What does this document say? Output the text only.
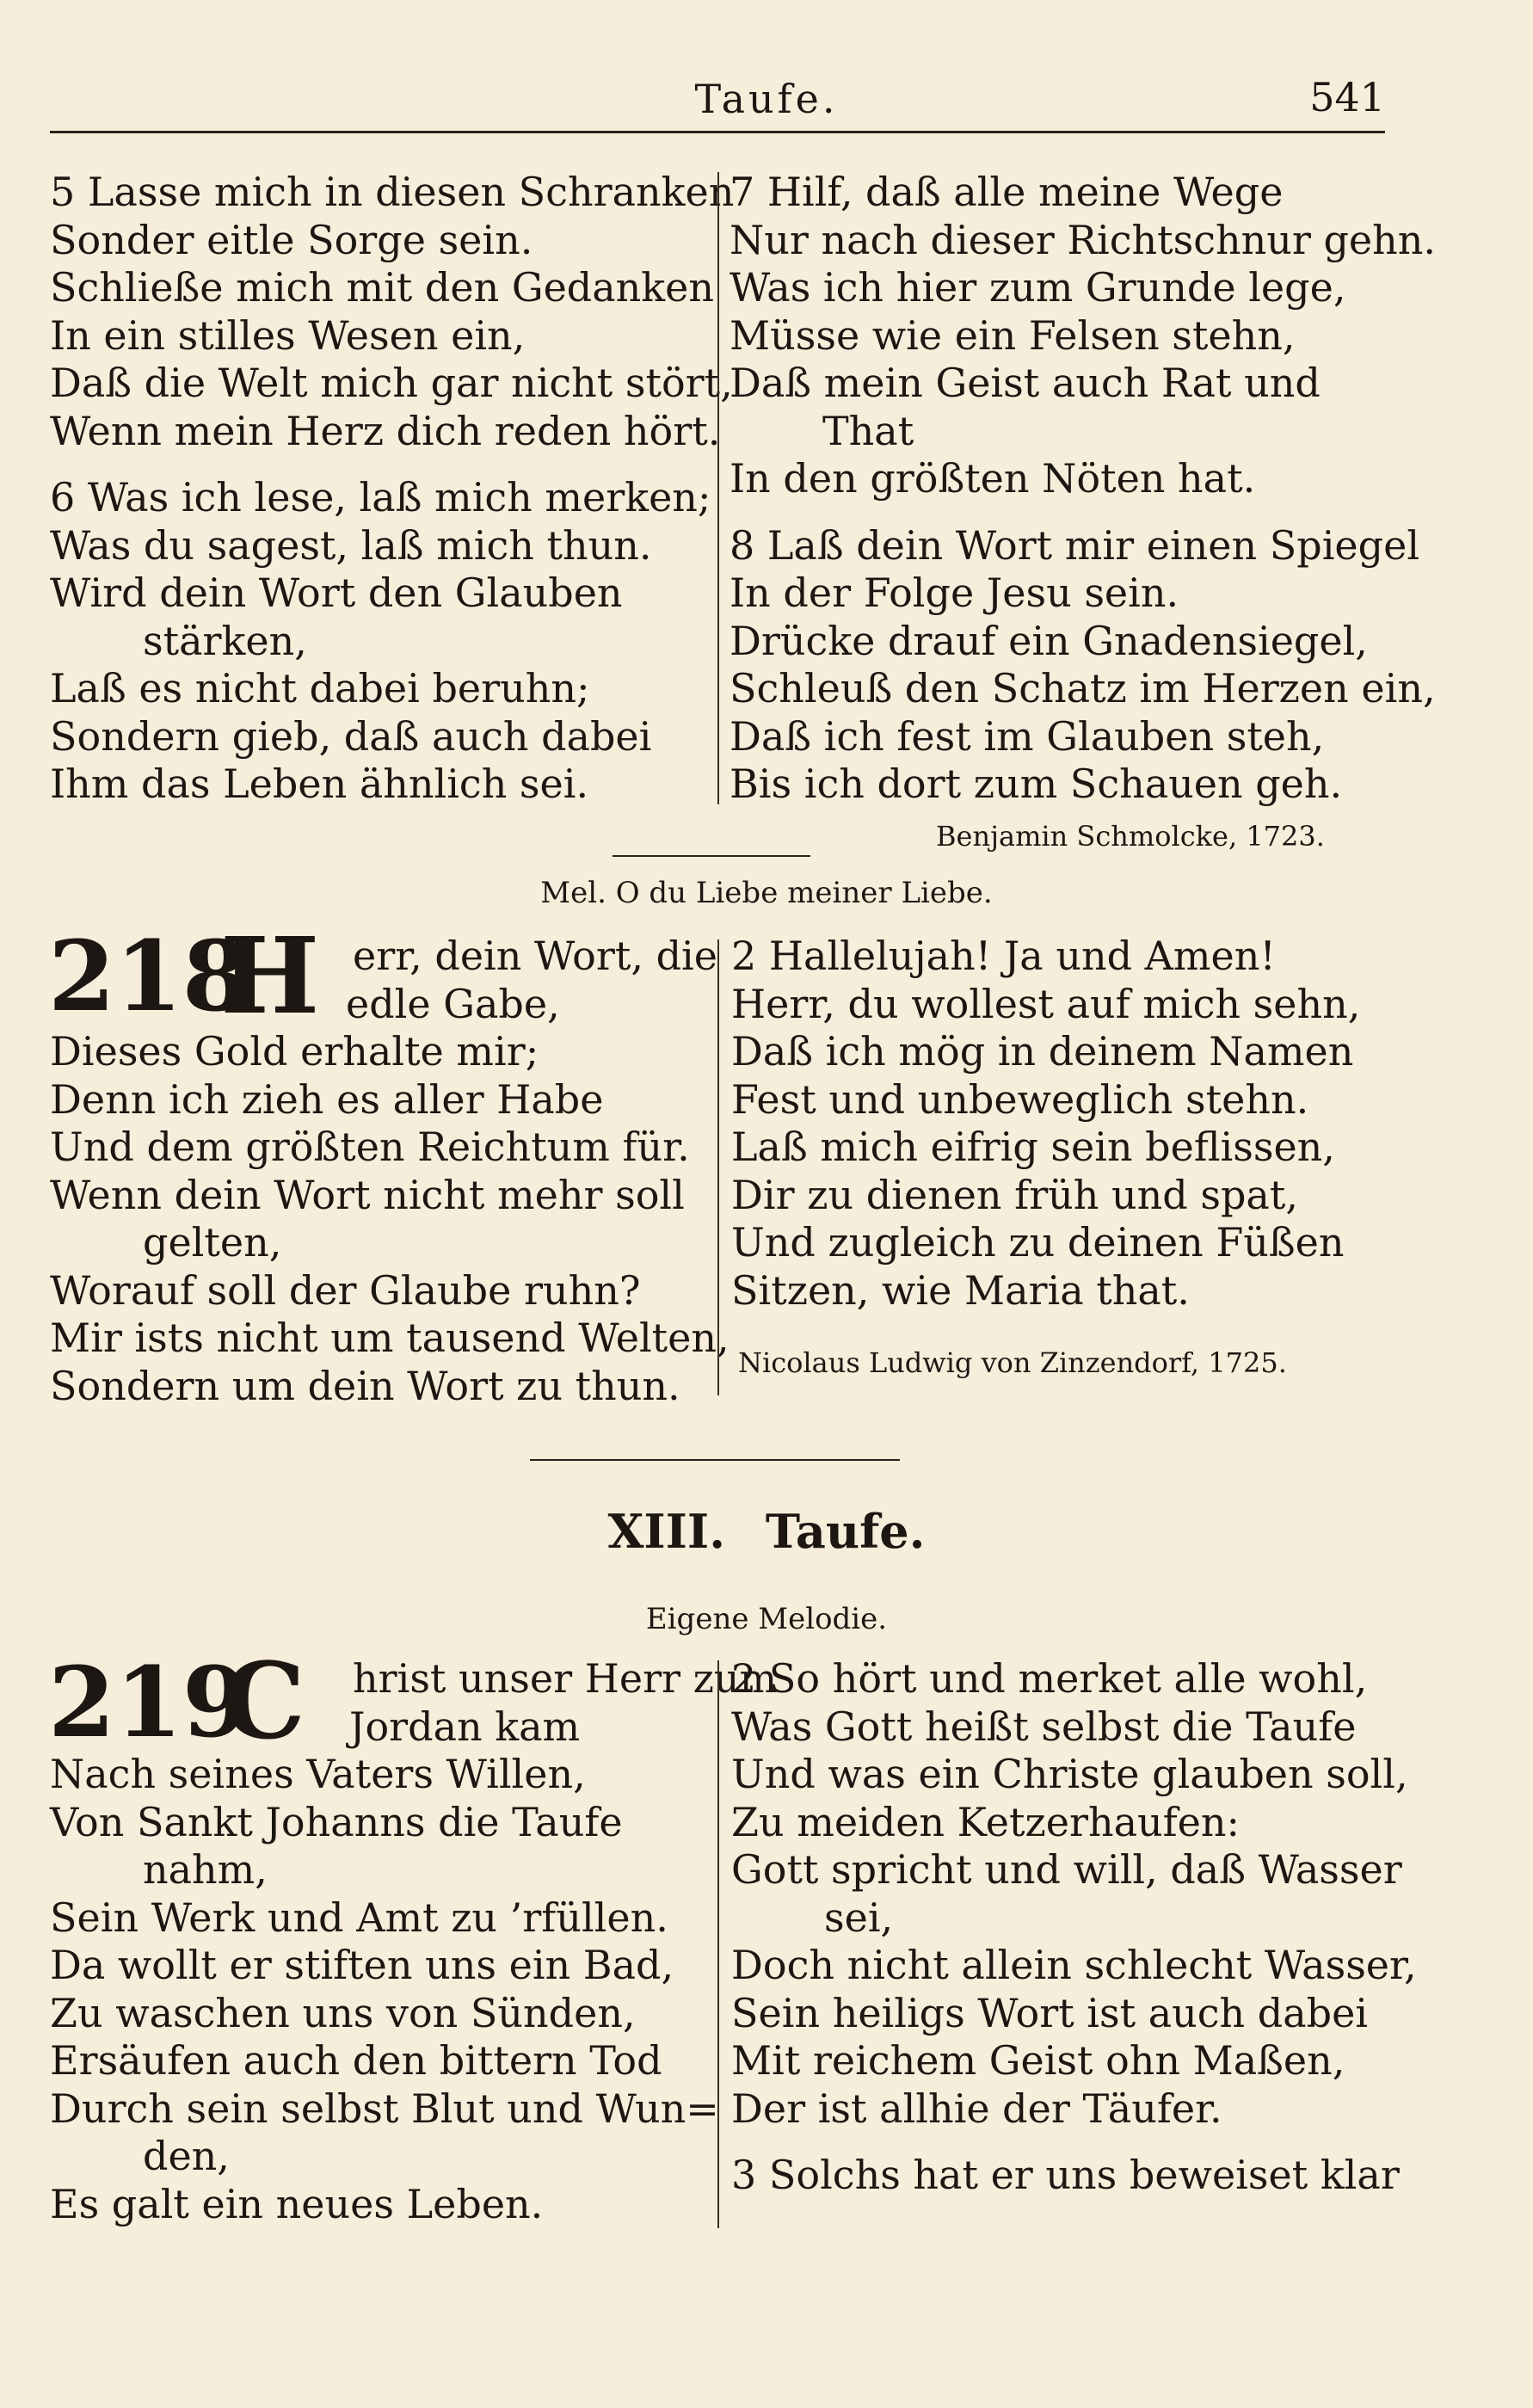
Taufe.	541
5 Lasse mich in diesen Schranken
Sonder eitle Sorge sein.
Schließe mich mit den Gedanken
In ein stilles Wesen ein,
Daß die Welt mich gar nicht stört,
Wenn mein Herz dich reden hört.
6 Was ich lese, laß mich merken;
Was du sagest, laß mich thun.
Wird dein Wort den Glauben
stärken,
Laß es nicht dabei beruhn;
Sondern gieb, daß auch dabei
Ihm das Leben ähnlich sei.
7 Hilf, daß alle meine Wege
Nur nach dieser Richtschnur gehn.
Was ich hier zum Grunde lege,
Müsse wie ein Felsen stehn,
Daß mein Geist auch Rat und
That
In den größten Nöten hat.
8 Laß dein Wort mir einen Spiegel
In der Folge Jesu sein.
Drücke drauf ein Gnadensiegel,
Schleuß den Schatz im Herzen ein,
Daß ich fest im Glauben steh,
Bis ich dort zum Schauen geh.
Benjamin Schmolcke, 1723.
Mel. O du Liebe meiner Liebe.
218
H err, dein Wort, die
edle Gabe,
Dieses Gold erhalte mir;
Denn ich zieh es aller Habe
Und dem größten Reichtum für.
Wenn dein Wort nicht mehr soll
gelten,
Worauf soll der Glaube ruhn?
Mir ists nicht um tausend Welten,
Sondern um dein Wort zu thun.
2 Hallelujah! Ja und Amen!
Herr, du wollest auf mich sehn,
Daß ich mög in deinem Namen
Fest und unbeweglich stehn.
Laß mich eifrig sein beflissen,
Dir zu dienen früh und spat,
Und zugleich zu deinen Füßen
Sitzen, wie Maria that.
Nicolaus Ludwig von Zinzendorf, 1725.
XIII. Taufe.
Eigene Melodie.
219
C	hrist unser Herr zum
Jordan kam
Nach seines Vaters Willen,
Von Sankt Johanns die Taufe
nahm,
Sein Werk und Amt zu ’rfüllen.
Da wollt er stiften uns ein Bad,
Zu waschen uns von Sünden,
Ersäufen auch den bittern Tod
Durch sein selbst Blut und Wun=
den,
Es galt ein neues Leben.
2 So hört und merket alle wohl,
Was Gott heißt selbst die Taufe
Und was ein Christe glauben soll,
Zu meiden Ketzerhaufen:
Gott spricht und will, daß Wasser
sei,
Doch nicht allein schlecht Wasser,
Sein heiligs Wort ist auch dabei
Mit reichem Geist ohn Maßen,
Der ist allhie der Täufer.
3 Solchs hat er uns beweiset klar
